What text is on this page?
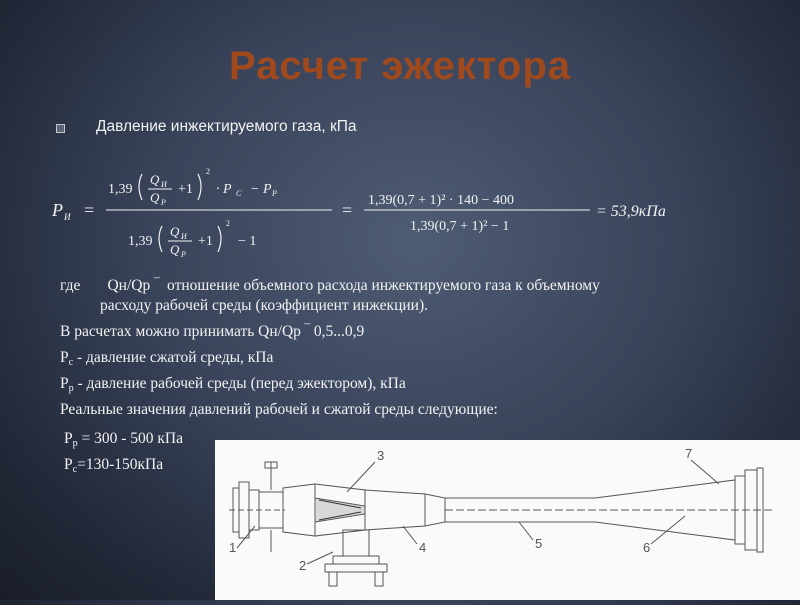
Расчет эжектора
Давление инжектируемого газа, кПа
P И =
1,39
Q И
Q Р
+1
2
· P С − P Р
1,39
Q И
Q Р
+1
2
− 1
= 1,39(0,7 + 1)² · 140 − 400
1,39(0,7 + 1)² − 1
= 53,9кПа
где Qн/Qр ‾ отношение объемного расхода инжектируемого газа к объемному
расходу рабочей среды (коэффициент инжекции).
В расчетах можно принимать Qн/Qр ‾ 0,5...0,9
$Р_с$ - давление сжатой среды, кПа
$Р_р$ - давление рабочей среды (перед эжектором), кПа
Реальные значения давлений рабочей и сжатой среды следующие:
$Р_р = 300 - 500$ кПа
$Р_с=130-150кПа$
1
2
3
4	5	6
7
